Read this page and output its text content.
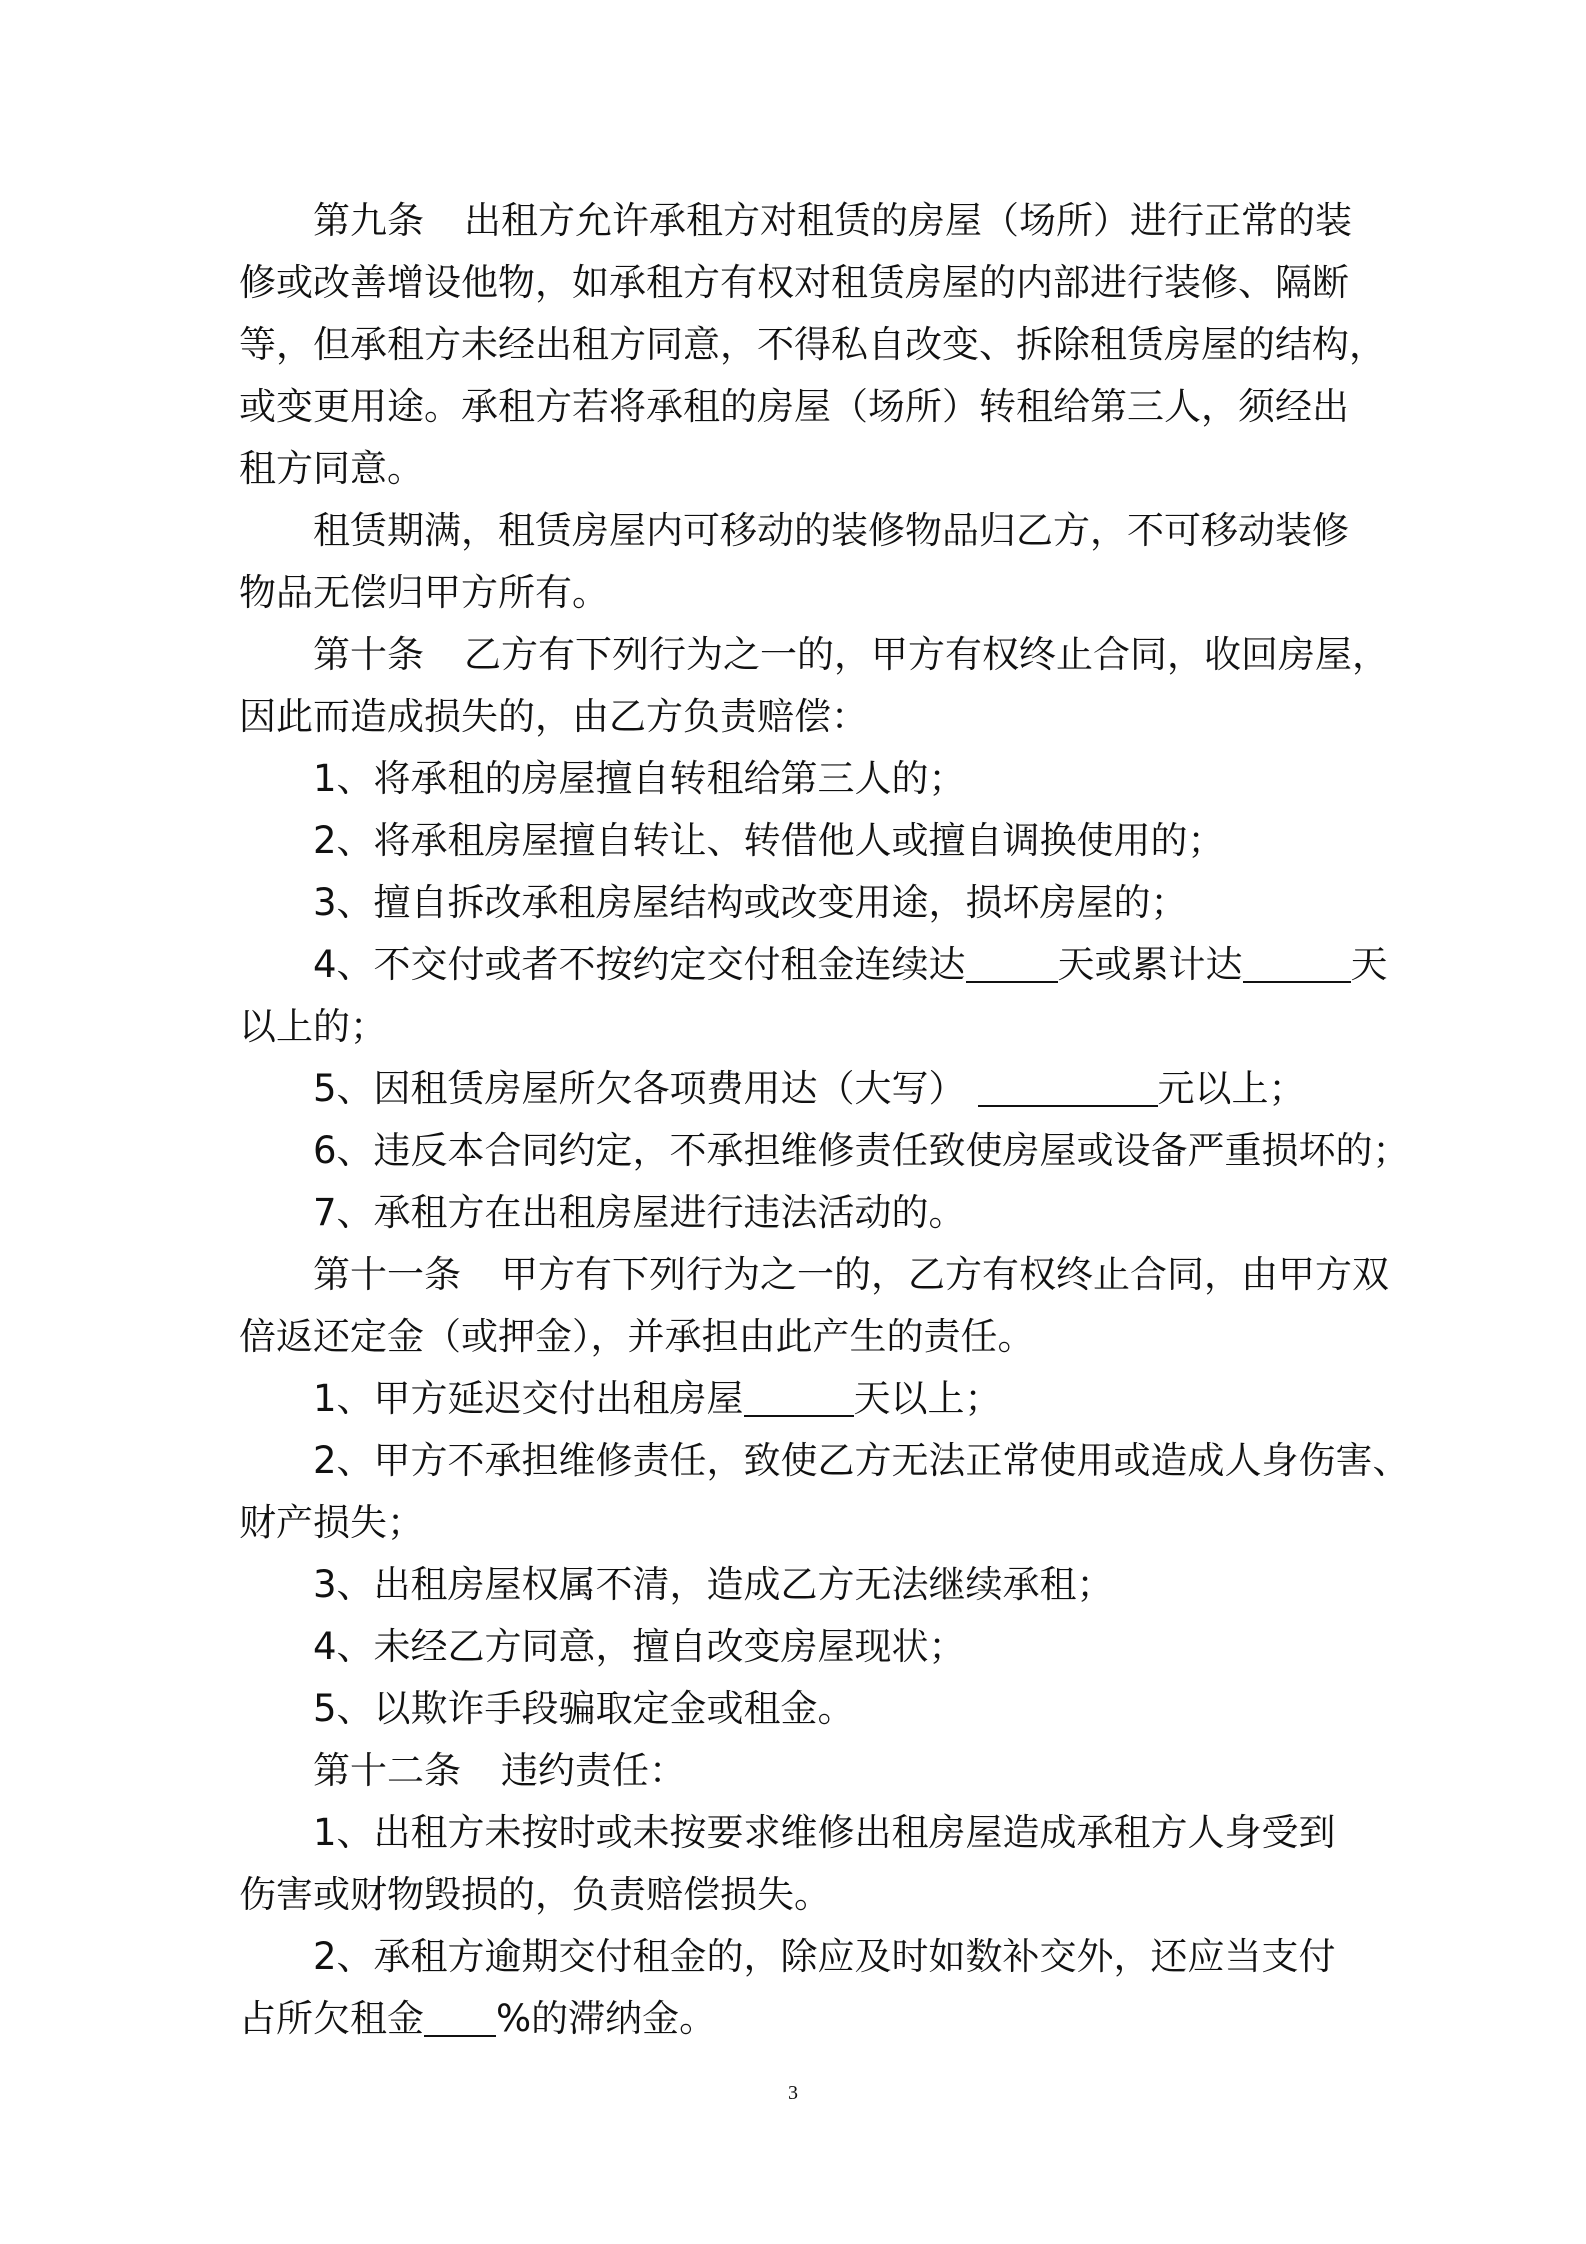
第九条 出租方允许承租方对租赁的房屋（场所）进行正常的装

修或改善增设他物，如承租方有权对租赁房屋的内部进行装修、隔断

等，但承租方未经出租方同意，不得私自改变、拆除租赁房屋的结构，

或变更用途。承租方若将承租的房屋（场所）转租给第三人，须经出

租方同意。

租赁期满，租赁房屋内可移动的装修物品归乙方，不可移动装修

物品无偿归甲方所有。

第十条 乙方有下列行为之一的，甲方有权终止合同，收回房屋，

因此而造成损失的，由乙方负责赔偿：

1、将承租的房屋擅自转租给第三人的；

2、将承租房屋擅自转让、转借他人或擅自调换使用的；

3、擅自拆改承租房屋结构或改变用途，损坏房屋的；

4、不交付或者不按约定交付租金连续达 天或累计达	天

以上的；

5、因租赁房屋所欠各项费用达（大写）	元以上；

6、违反本合同约定，不承担维修责任致使房屋或设备严重损坏的；

7、承租方在出租房屋进行违法活动的。

第十一条 甲方有下列行为之一的，乙方有权终止合同，由甲方双

倍返还定金（或押金），并承担由此产生的责任。

1、甲方延迟交付出租房屋	天以上；

2、甲方不承担维修责任，致使乙方无法正常使用或造成人身伤害、

财产损失；

3、出租房屋权属不清，造成乙方无法继续承租；

4、未经乙方同意，擅自改变房屋现状；

5、以欺诈手段骗取定金或租金。

第十二条 违约责任：

1、出租方未按时或未按要求维修出租房屋造成承租方人身受到

伤害或财物毁损的，负责赔偿损失。

2、承租方逾期交付租金的，除应及时如数补交外，还应当支付

占所欠租金 %的滞纳金。

3
